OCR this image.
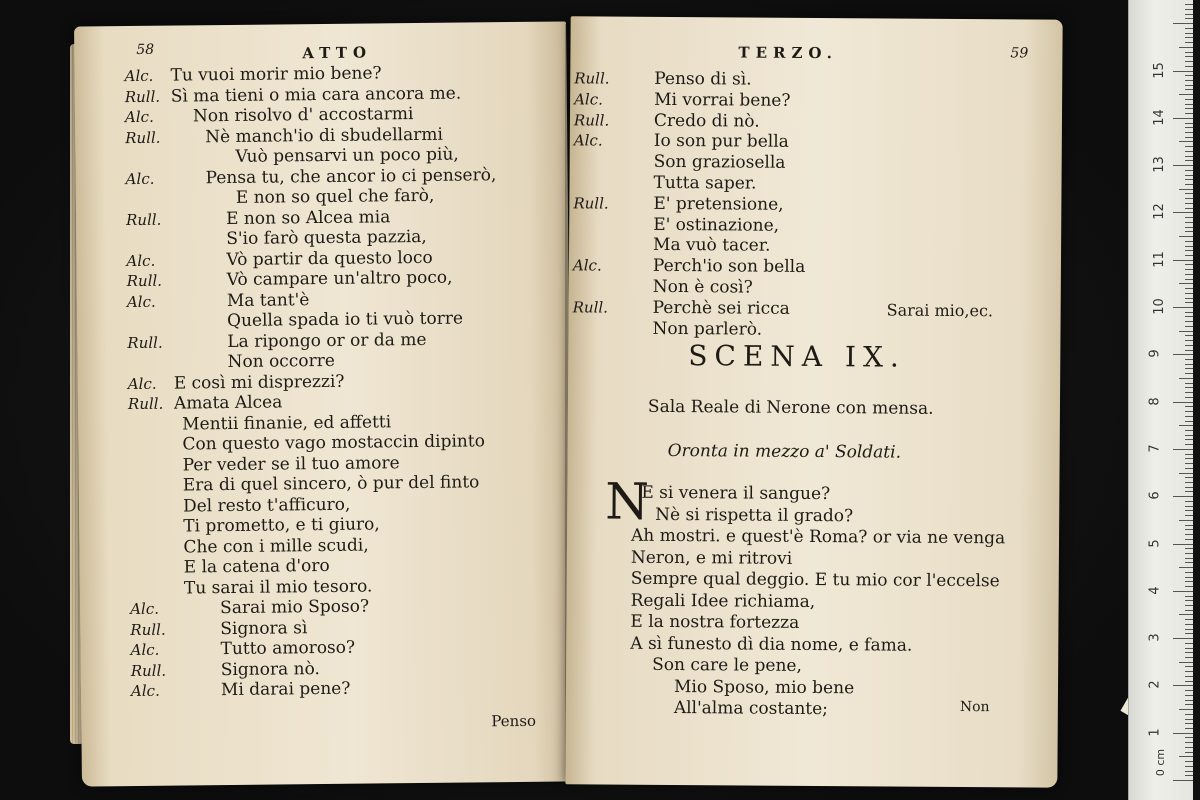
58	ATTO
Alc. Tu vuoi morir mio bene?
Rull. Sì ma tieni o mia cara ancora me.
Alc. Non risolvo d' accostarmi
Rull.	Nè manch'io di sbudellarmi
Vuò pensarvi un poco più,
Alc.	Pensa tu, che ancor io ci penserò,
E non so quel che farò,
Rull.	E non so Alcea mia
S'io farò questa pazzia,
Alc.	Vò partir da questo loco
Rull.	Vò campare un'altro poco,
Alc.	Ma tant'è
Quella spada io ti vuò torre
Rull.	La ripongo or or da me
Non occorre
Alc. E così mi disprezzi?
Rull. Amata Alcea
Mentii finanie, ed affetti
Con questo vago mostaccin dipinto
Per veder se il tuo amore
Era di quel sincero, ò pur del finto
Del resto t'afficuro,
Ti prometto, e ti giuro,
Che con i mille scudi,
E la catena d'oro
Tu sarai il mio tesoro.
Alc.	Sarai mio Sposo?
Rull.	Signora sì
Alc.	Tutto amoroso?
Rull.	Signora nò.
Alc.	Mi darai pene?
Penso
TERZO.	59
Rull.	Penso di sì.
Alc.	Mi vorrai bene?
Rull.	Credo di nò.
Alc.	Io son pur bella
Son graziosella
Tutta saper.
Rull.	E' pretensione,
E' ostinazione,
Ma vuò tacer.
Alc.	Perch'io son bella
Non è così?
Rull.	Perchè sei ricca
Non parlerò.
Sarai mio,ec.
SCENA IX.
Sala Reale di Nerone con mensa.
Oronta in mezzo a' Soldati.
N
E si venera il sangue?
Nè si rispetta il grado?
Ah mostri. e quest'è Roma? or via ne venga
Neron, e mi ritrovi
Sempre qual deggio. E tu mio cor l'eccelse
Regali Idee richiama,
E la nostra fortezza
A sì funesto dì dia nome, e fama.
Son care le pene,
Mio Sposo, mio bene
All'alma costante;	Non
0 cm
1
2
3
4
5
6
7
8
9
10
11
12
13
14
15
